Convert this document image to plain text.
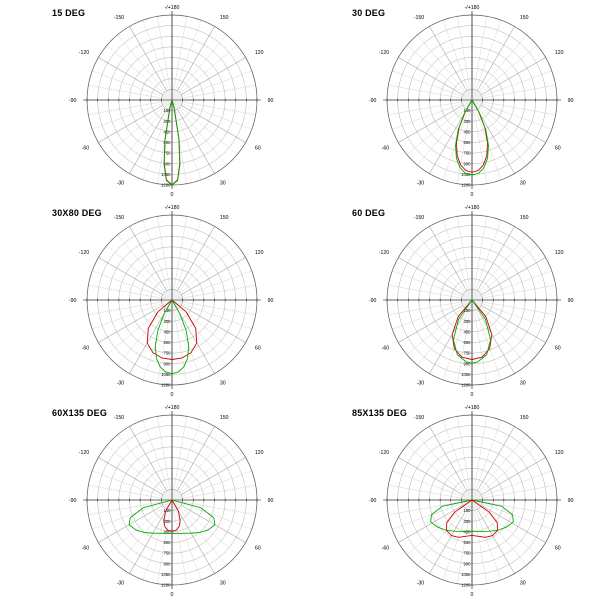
15 DEG	-150
-120
-90
-60
-30
150
120
90
60
30
-/+180
0
150
300
450
600
750
900
1050
1200
30 DEG	-150
-120
-90
-60
-30
150
120
90
60
30
-/+180
0
150
300
450
600
750
900
1050
1200
30X80 DEG -150
-120
-90
-60
-30
150
120
90
60
30
-/+180
0
150
300
450
600
750
900
1050
1200
60 DEG	-150
-120
-90
-60
-30
150
120
90
60
30
-/+180
0
150
300
450
600
750
900
1050
1200
60X135 DEG -150
-120
-90
-60
-30
150
120
90
60
30
-/+180
0
150
300
450
600
750
900
1050
1200
85X135 DEG -150
-120
-90
-60
-30
150
120
90
60
30
-/+180
0
150
300
450
600
750
900
1050
1200
